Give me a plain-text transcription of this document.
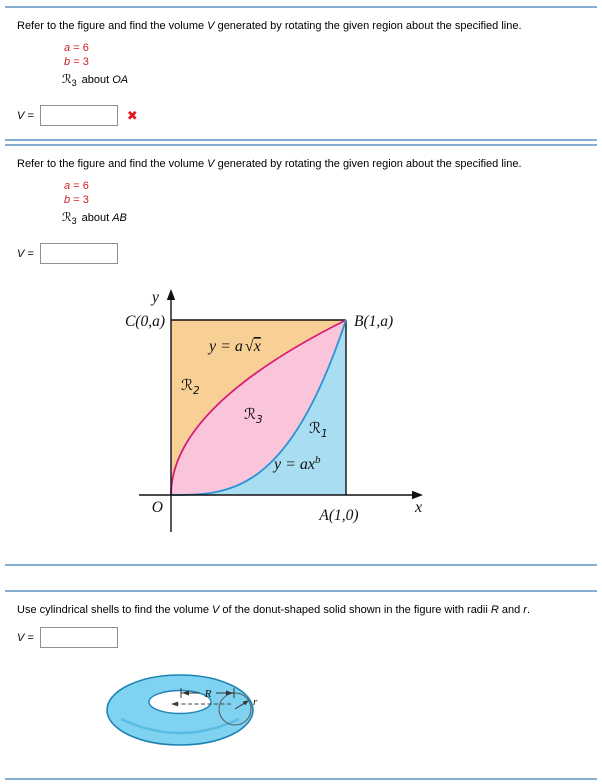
Refer to the figure and find the volume V generated by rotating the given region about the specified line.

a = 6
b = 3
ℛ$_3$ about OA
V =	✖

Refer to the figure and find the volume V generated by rotating the given region about the specified line.

a = 6
b = 3
ℛ$_3$ about AB
V =
y
x
C(0,a)	B(1,a)
O	A(1,0)
y = a √x
$y = ax^b$
ℛ$_2$
ℛ$_3$	ℛ$_1$

Use cylindrical shells to find the volume V of the donut-shaped solid shown in the figure with radii R and r.

V =
R
r
